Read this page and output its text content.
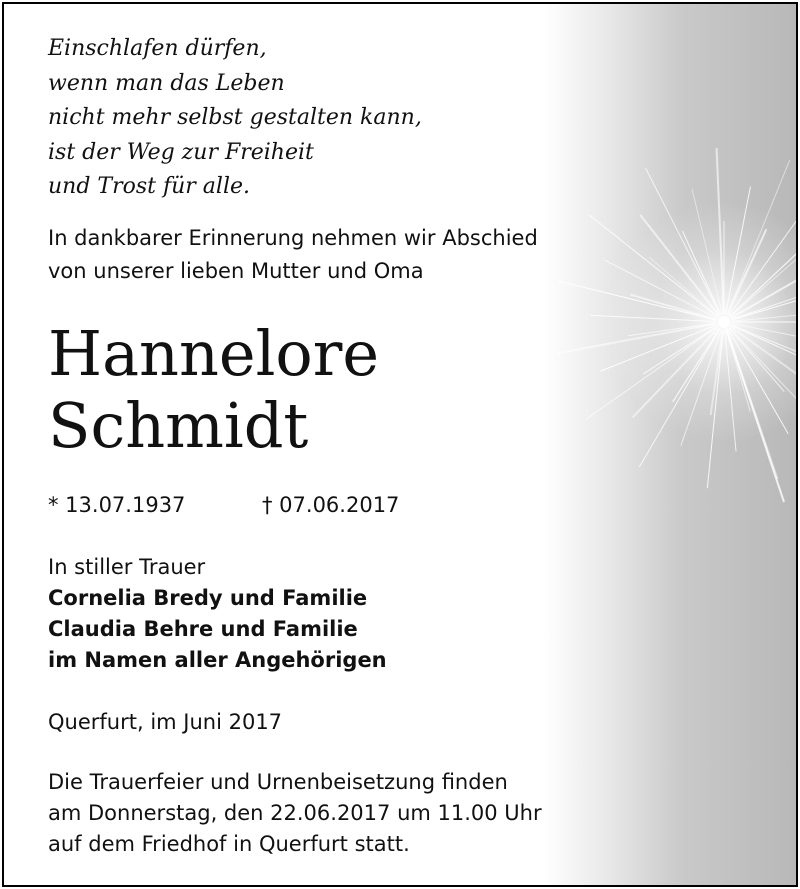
Einschlafen dürfen,
wenn man das Leben
nicht mehr selbst gestalten kann,
ist der Weg zur Freiheit
und Trost für alle.
In dankbarer Erinnerung nehmen wir Abschied
von unserer lieben Mutter und Oma
Hannelore
Schmidt
* 13.07.1937	† 07.06.2017
In stiller Trauer
Cornelia Bredy und Familie
Claudia Behre und Familie
im Namen aller Angehörigen
Querfurt, im Juni 2017
Die Trauerfeier und Urnenbeisetzung finden
am Donnerstag, den 22.06.2017 um 11.00 Uhr
auf dem Friedhof in Querfurt statt.
